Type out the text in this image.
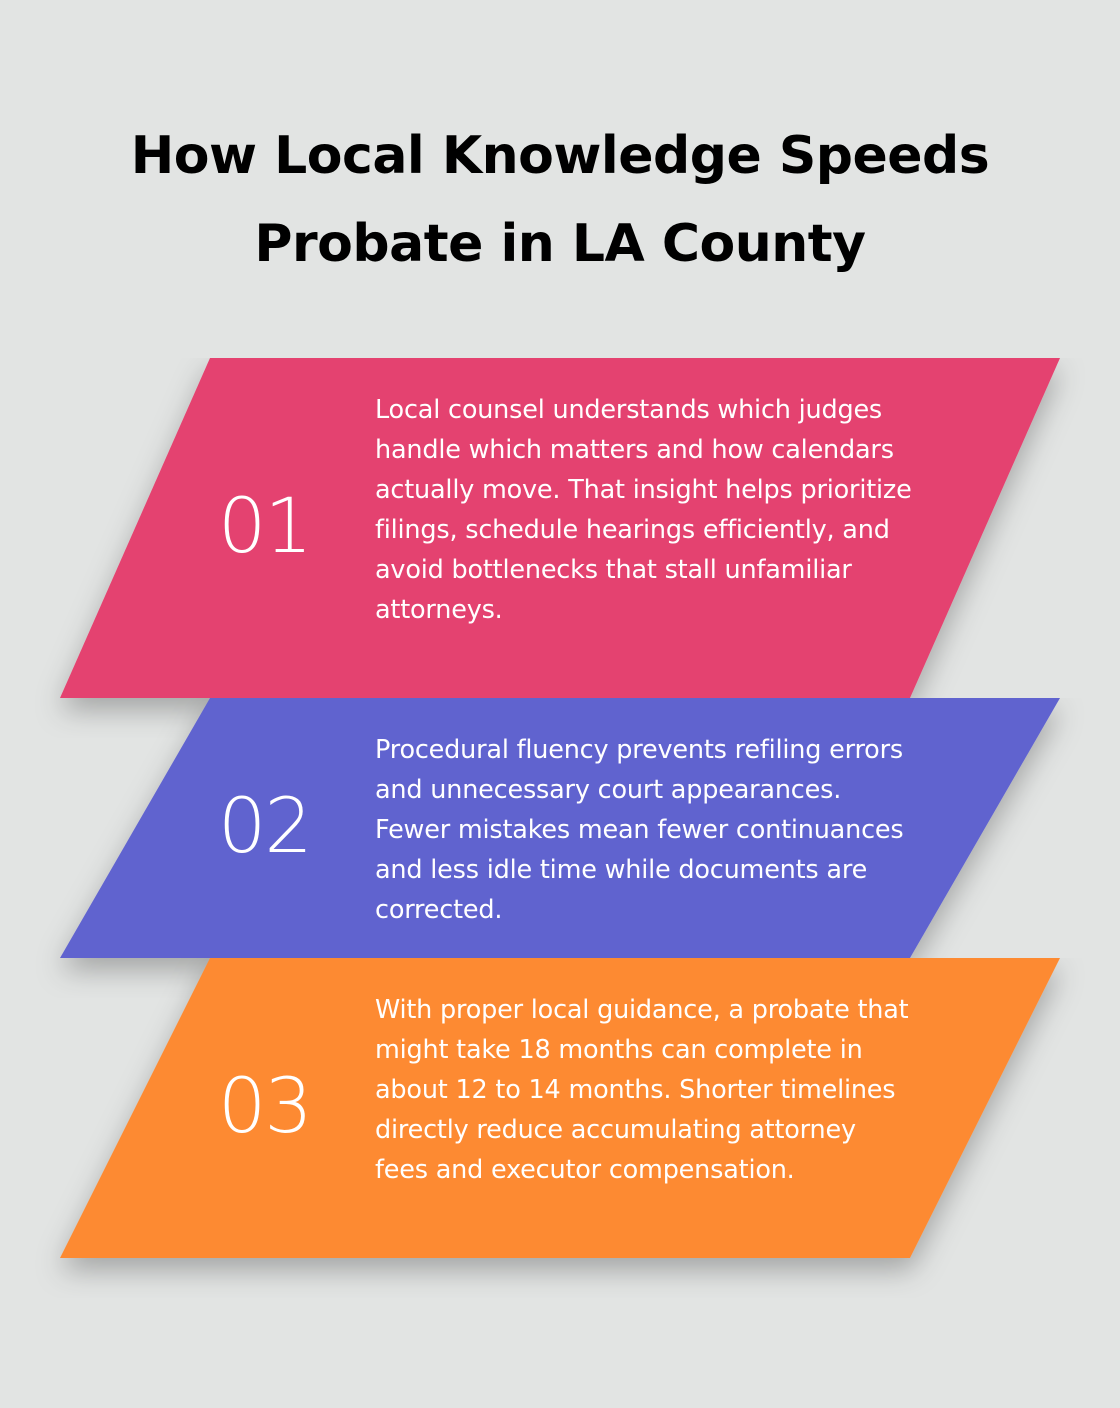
How Local Knowledge Speeds
Probate in LA County
01

Local counsel understands which judges handle which matters and how calendars actually move. That insight helps prioritize filings, schedule hearings efficiently, and avoid bottlenecks that stall unfamiliar attorneys.

02

Procedural fluency prevents refiling errors and unnecessary court appearances. Fewer mistakes mean fewer continuances and less idle time while documents are corrected.

03

With proper local guidance, a probate that might take 18 months can complete in about 12 to 14 months. Shorter timelines directly reduce accumulating attorney fees and executor compensation.
